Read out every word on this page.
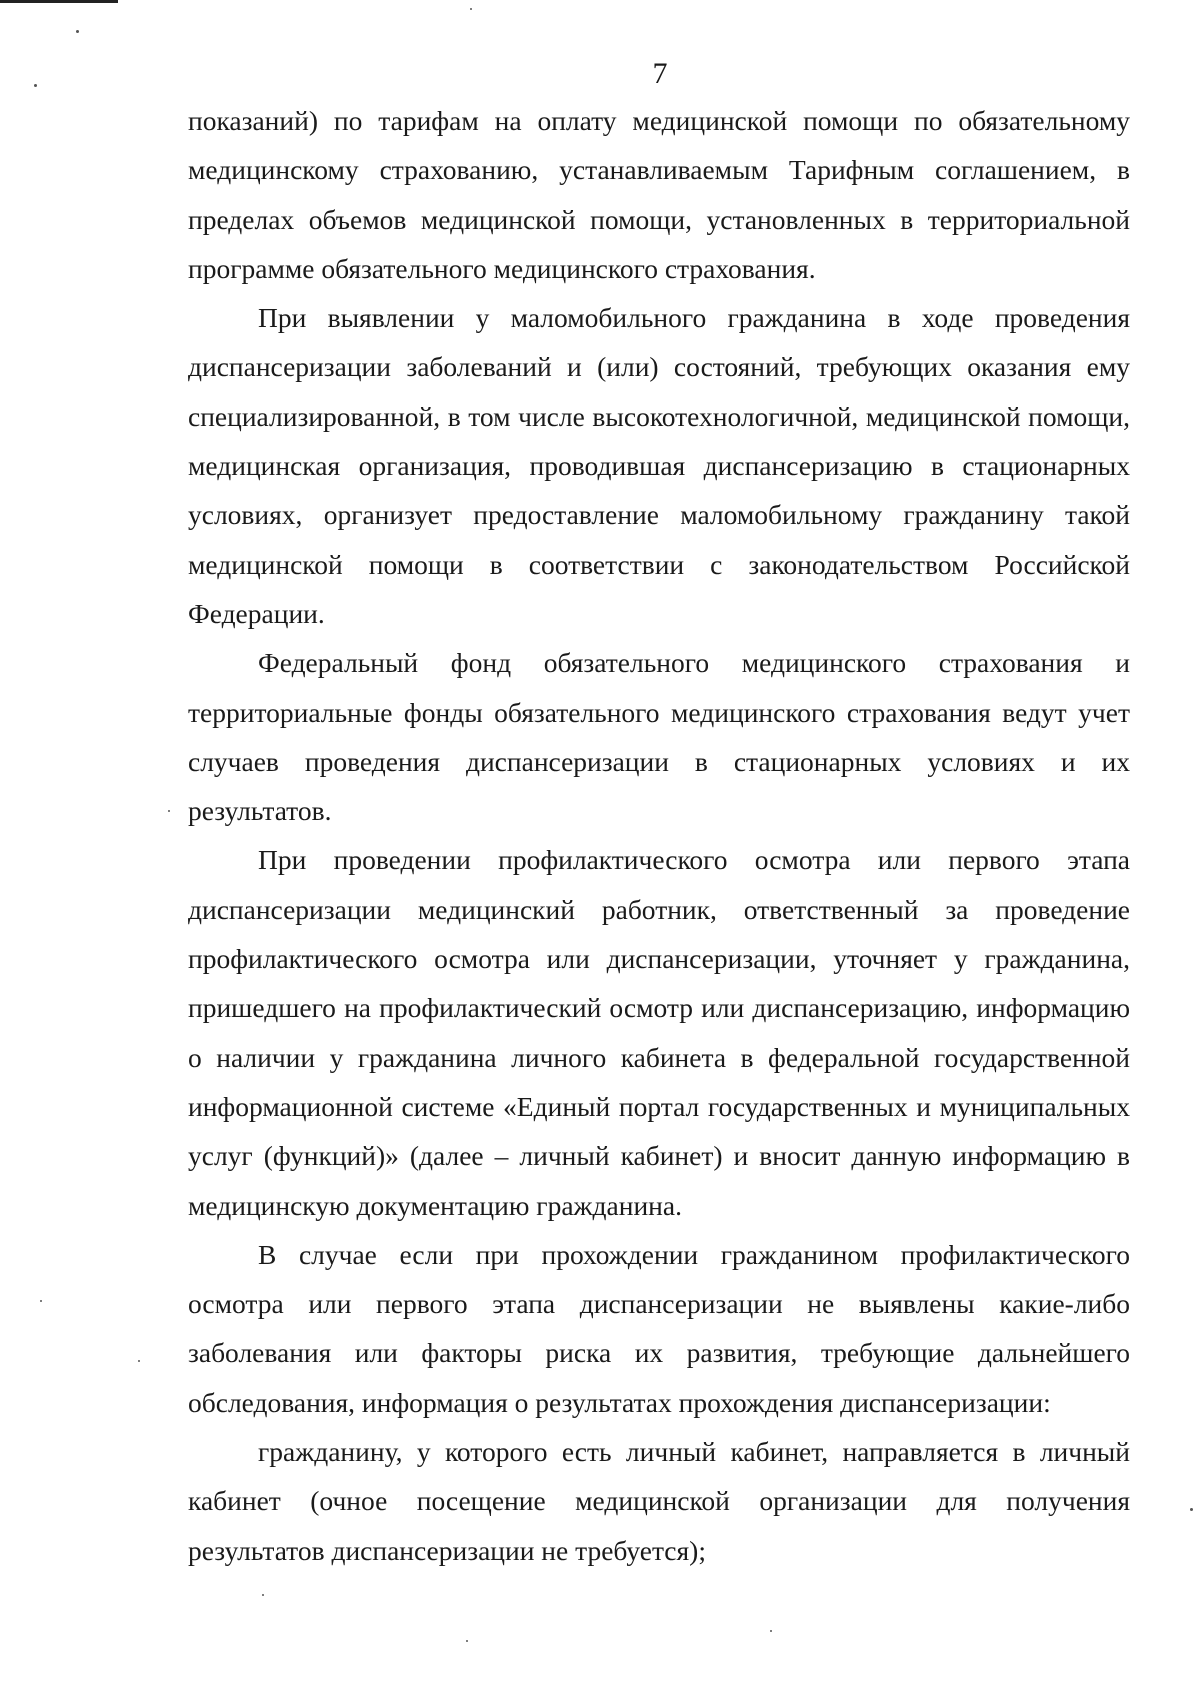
7

показаний) по тарифам на оплату медицинской помощи по обязательному медицинскому страхованию, устанавливаемым Тарифным соглашением, в пределах объемов медицинской помощи, установленных в территориальной программе обязательного медицинского страхования.

При выявлении у маломобильного гражданина в ходе проведения диспансеризации заболеваний и (или) состояний, требующих оказания ему специализированной, в том числе высокотехнологичной, медицинской помощи, медицинская организация, проводившая диспансеризацию в стационарных условиях, организует предоставление маломобильному гражданину такой медицинской помощи в соответствии с законодательством Российской Федерации.

Федеральный фонд обязательного медицинского страхования и территориальные фонды обязательного медицинского страхования ведут учет случаев проведения диспансеризации в стационарных условиях и их результатов.

При проведении профилактического осмотра или первого этапа диспансеризации медицинский работник, ответственный за проведение профилактического осмотра или диспансеризации, уточняет у гражданина, пришедшего на профилактический осмотр или диспансеризацию, информацию о наличии у гражданина личного кабинета в федеральной государственной информационной системе «Единый портал государственных и муниципальных услуг (функций)» (далее – личный кабинет) и вносит данную информацию в медицинскую документацию гражданина.

В случае если при прохождении гражданином профилактического осмотра или первого этапа диспансеризации не выявлены какие-либо заболевания или факторы риска их развития, требующие дальнейшего обследования, информация о результатах прохождения диспансеризации:

гражданину, у которого есть личный кабинет, направляется в личный кабинет (очное посещение медицинской организации для получения результатов диспансеризации не требуется);
